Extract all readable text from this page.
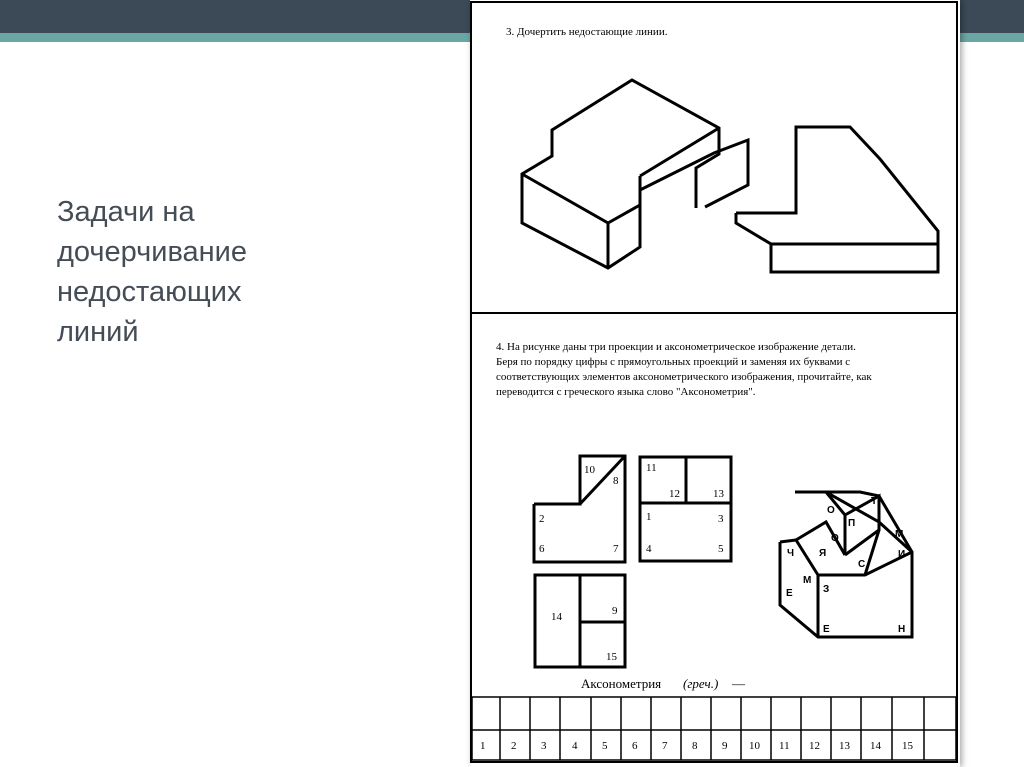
Задачи на
дочерчивание
недостающих
линий
3. Дочертить недостающие линии.
4. На рисунке даны три проекции и аксонометрическое изображение детали.
Беря по порядку цифры с прямоугольных проекций и заменяя их буквами с
соответствующих элементов аксонометрического изображения, прочитайте, как
переводится с греческого языка слово "Аксонометрия".
10
8
2
6	7
11
12	13
1	3
4	5
14	9
15
О
П
Т
О	М
Я
С
И
Ч
М
Е	З
Е	Н
Аксонометрия (греч.) —
1 2 3 4 5 6 7 8 9 10 11 12 13 14 15
